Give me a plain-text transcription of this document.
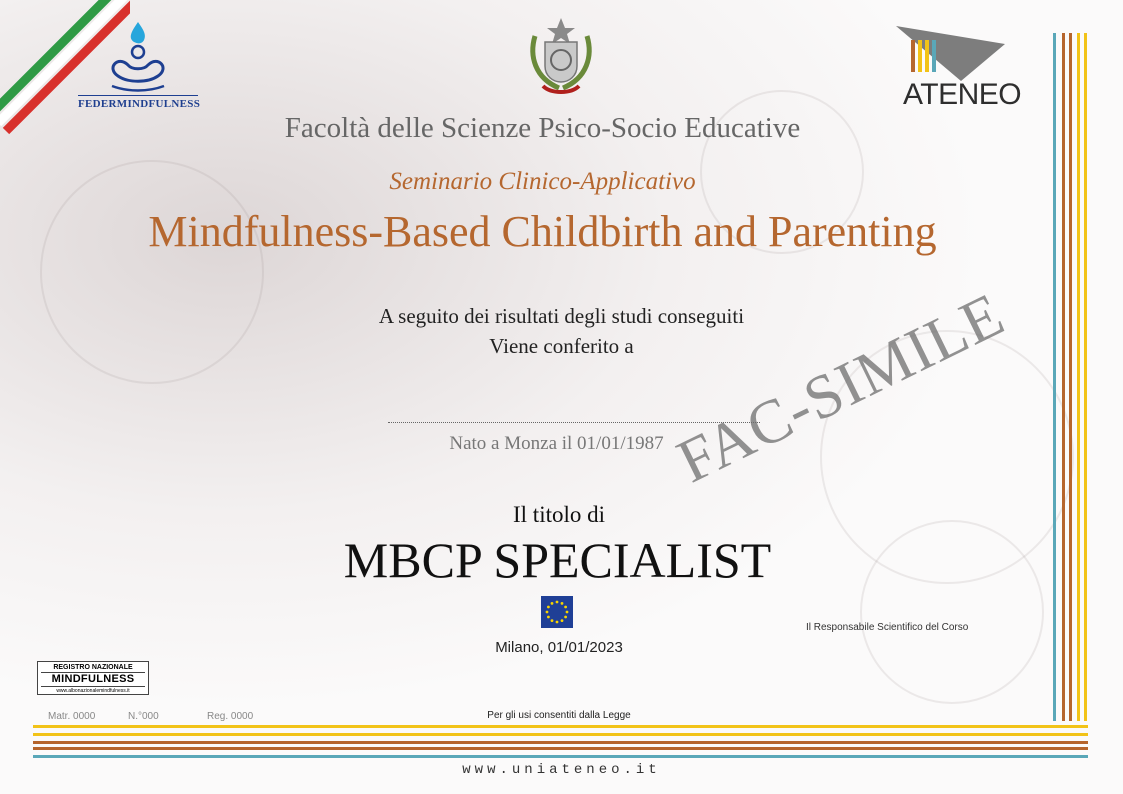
FEDERMINDFULNESS	ATENEO
Facoltà delle Scienze Psico-Socio Educative
Seminario Clinico-Applicativo
Mindfulness-Based Childbirth and Parenting
A seguito dei risultati degli studi conseguiti
Viene conferito a
Nato a Monza il 01/01/1987
Il titolo di
MBCP SPECIALIST
Milano, 01/01/2023
Il Responsabile Scientifico del Corso
FAC-SIMILE
REGISTRO NAZIONALE
MINDFULNESS
www.albonazionalemindfulness.it
Matr. 0000	N.°000	Reg. 0000	Per gli usi consentiti dalla Legge
www.uniateneo.it
